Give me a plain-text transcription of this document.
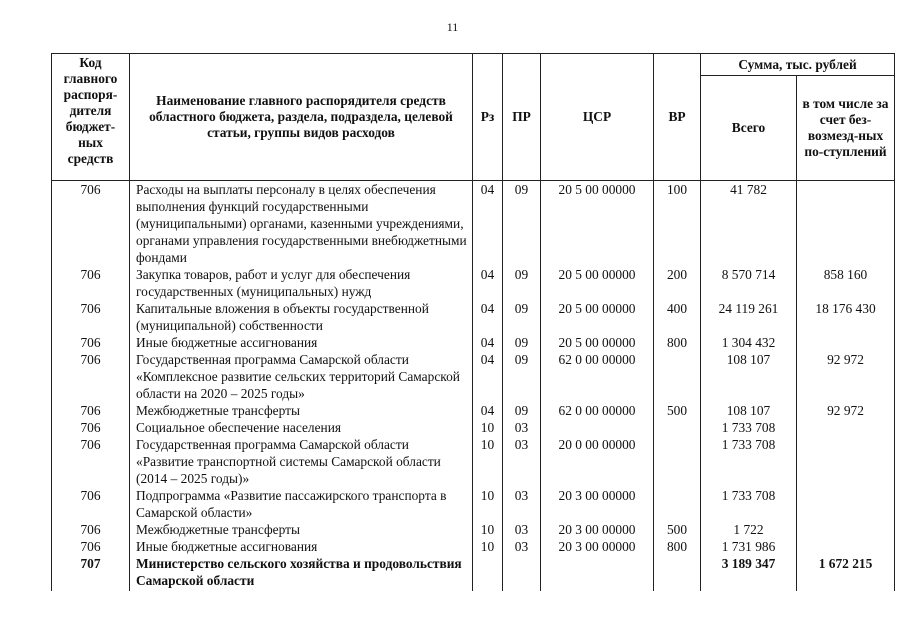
11
Код главного распоря-дителя бюджет-ных средств	Наименование главного распорядителя средств областного бюджета, раздела, подраздела, целевой статьи, группы видов расходов	Рз	ПР	ЦСР	ВР	Сумма, тыс. рублей	
						Всего	в том числе за счет без-возмезд-ных по-ступлений
706	Расходы на выплаты персоналу в целях обеспечения выполнения функций государственными (муниципальными) органами, казенными учреждениями, органами управления государственными внебюджетными фондами	04	09	20 5 00 00000	100	41 782	
706	Закупка товаров, работ и услуг для обеспечения государственных (муниципальных) нужд	04	09	20 5 00 00000	200	8 570 714	858 160
706	Капитальные вложения в объекты государственной (муниципальной) собственности	04	09	20 5 00 00000	400	24 119 261	18 176 430
706	Иные бюджетные ассигнования	04	09	20 5 00 00000	800	1 304 432	
706	Государственная программа Самарской области «Комплексное развитие сельских территорий Самарской области на 2020 – 2025 годы»	04	09	62 0 00 00000		108 107	92 972
706	Межбюджетные трансферты	04	09	62 0 00 00000	500	108 107	92 972
706	Социальное обеспечение населения	10	03			1 733 708	
706	Государственная программа Самарской области «Развитие транспортной системы Самарской области (2014 – 2025 годы)»	10	03	20 0 00 00000		1 733 708	
706	Подпрограмма «Развитие пассажирского транспорта в Самарской области»	10	03	20 3 00 00000		1 733 708	
706	Межбюджетные трансферты	10	03	20 3 00 00000	500	1 722	
706	Иные бюджетные ассигнования	10	03	20 3 00 00000	800	1 731 986	
707	Министерство сельского хозяйства и продовольствия Самарской области					3 189 347	1 672 215
